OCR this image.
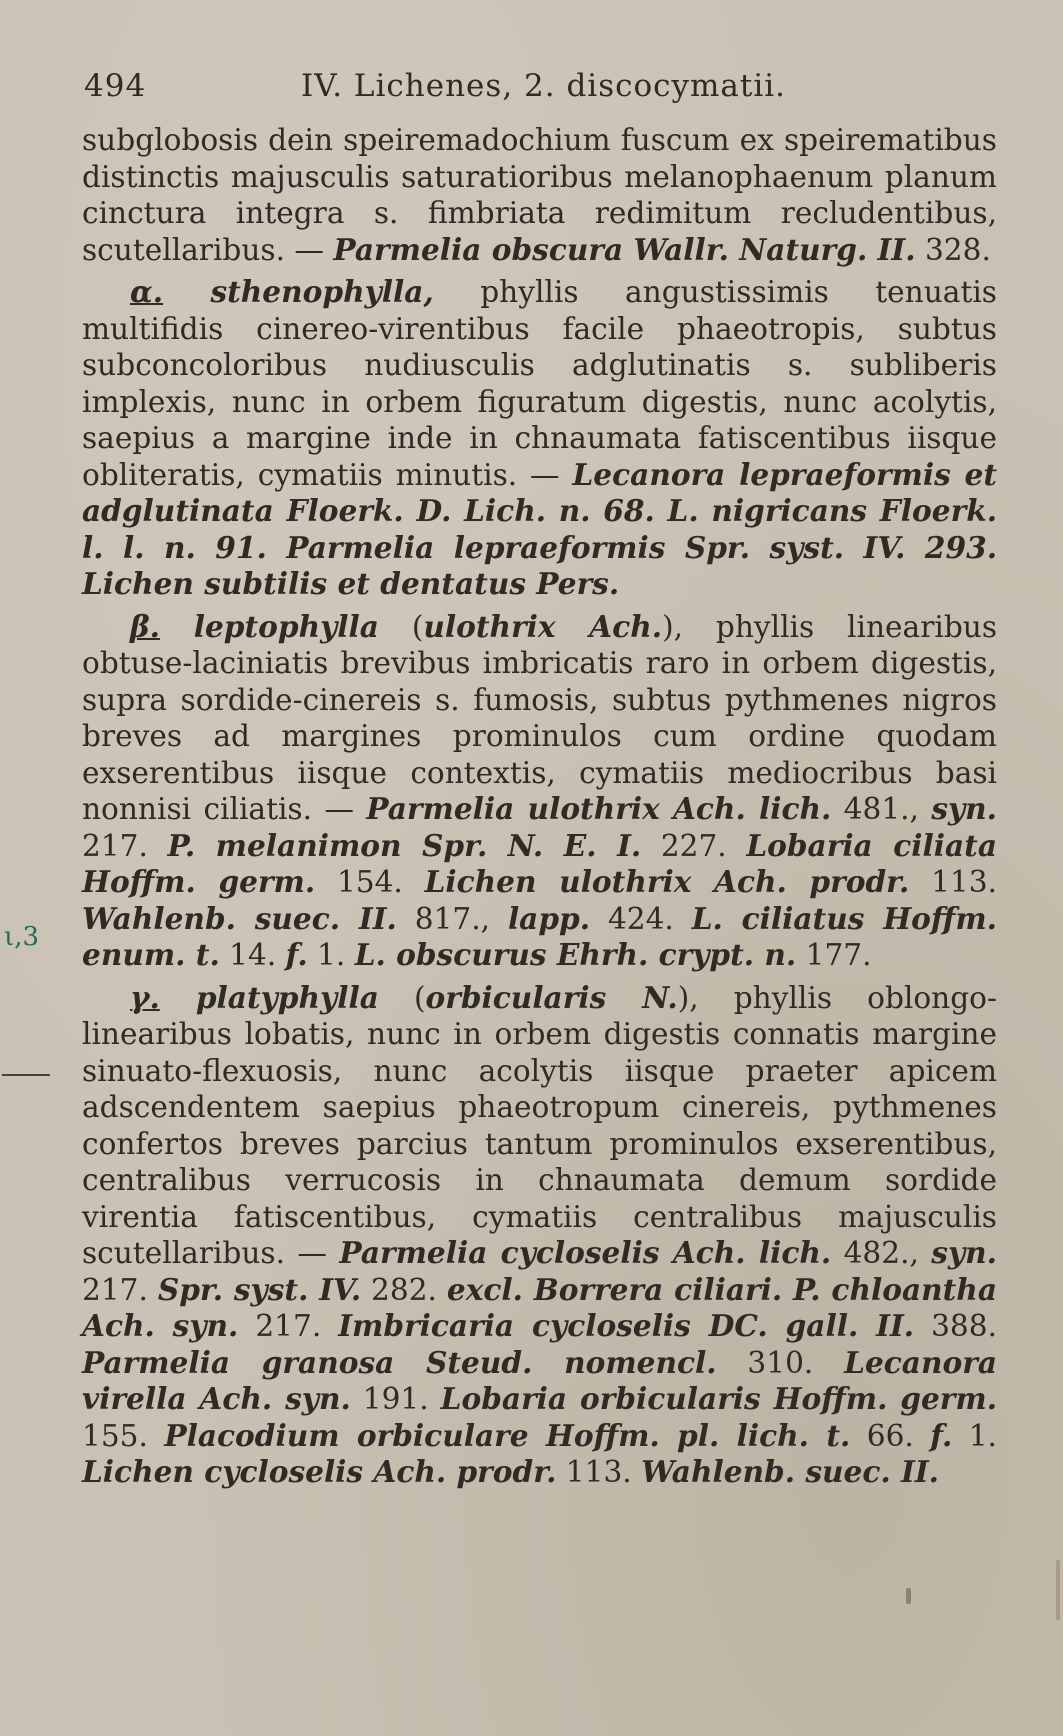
494	IV. Lichenes, 2. discocymatii.

subglobosis dein speiremadochium fuscum ex speirematibus distinctis majusculis saturatioribus melanophaenum planum cinctura integra s. fimbriata redimitum recludentibus, scutellaribus. — Parmelia obscura Wallr. Naturg. II. 328.

α. sthenophylla, phyllis angustissimis tenuatis multifidis cinereo-virentibus facile phaeotropis, subtus subconcoloribus nudiusculis adglutinatis s. subliberis implexis, nunc in orbem figuratum digestis, nunc acolytis, saepius a margine inde in chnaumata fatiscentibus iisque obliteratis, cymatiis minutis. — Lecanora lepraeformis et adglutinata Floerk. D. Lich. n. 68. L. nigricans Floerk. l. l. n. 91. Parmelia lepraeformis Spr. syst. IV. 293. Lichen subtilis et dentatus Pers.

β. leptophylla (ulothrix Ach.), phyllis linearibus obtuse-laciniatis brevibus imbricatis raro in orbem digestis, supra sordide-cinereis s. fumosis, subtus pythmenes nigros breves ad margines prominulos cum ordine quodam exserentibus iisque contextis, cymatiis mediocribus basi nonnisi ciliatis. — Parmelia ulothrix Ach. lich. 481., syn. 217. P. melanimon Spr. N. E. I. 227. Lobaria ciliata Hoffm. germ. 154. Lichen ulothrix Ach. prodr. 113. Wahlenb. suec. II. 817., lapp. 424. L. ciliatus Hoffm. enum. t. 14. f. 1. L. obscurus Ehrh. crypt. n. 177.

γ. platyphylla (orbicularis N.), phyllis oblongo-linearibus lobatis, nunc in orbem digestis connatis margine sinuato-flexuosis, nunc acolytis iisque praeter apicem adscendentem saepius phaeotropum cinereis, pythmenes confertos breves parcius tantum prominulos exserentibus, centralibus verrucosis in chnaumata demum sordide virentia fatiscentibus, cymatiis centralibus majusculis scutellaribus. — Parmelia cycloselis Ach. lich. 482., syn. 217. Spr. syst. IV. 282. excl. Borrera ciliari. P. chloantha Ach. syn. 217. Imbricaria cycloselis DC. gall. II. 388. Parmelia granosa Steud. nomencl. 310. Lecanora virella Ach. syn. 191. Lobaria orbicularis Hoffm. germ. 155. Placodium orbiculare Hoffm. pl. lich. t. 66. f. 1. Lichen cycloselis Ach. prodr. 113. Wahlenb. suec. II.

ι,3
